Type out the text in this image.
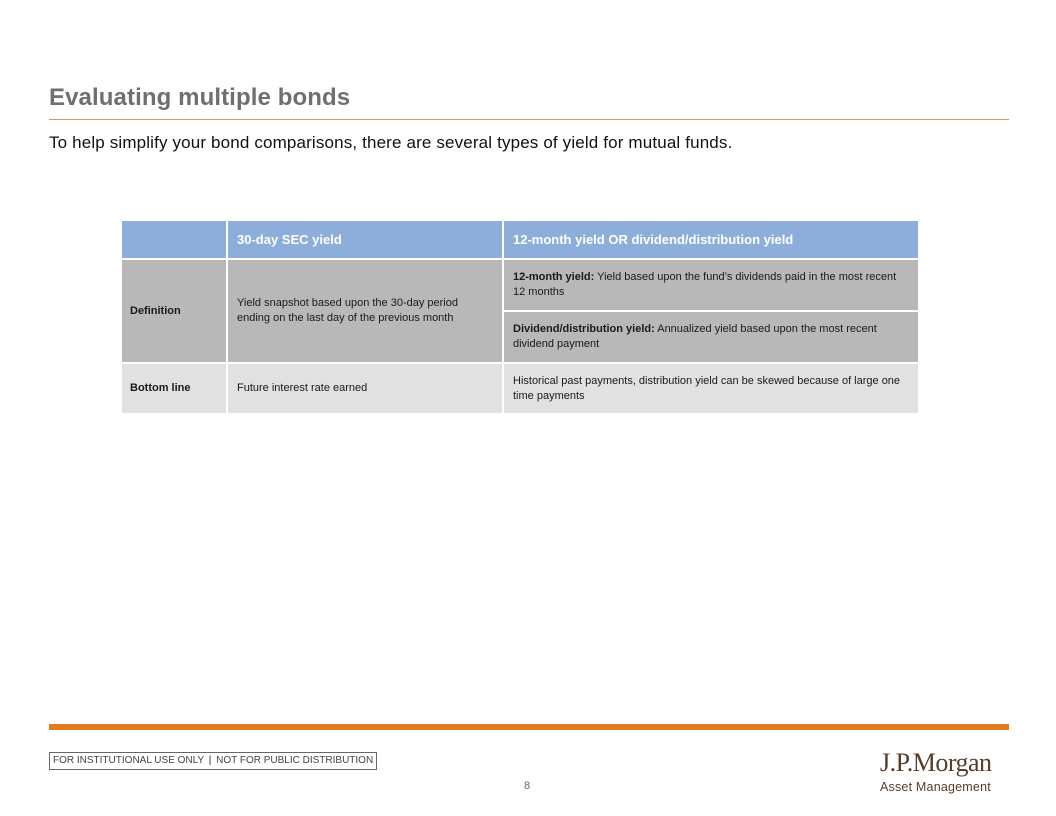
Evaluating multiple bonds
To help simplify your bond comparisons, there are several types of yield for mutual funds.
	30-day SEC yield	12-month yield OR dividend/distribution yield
Definition	Yield snapshot based upon the 30-day period ending on the last day of the previous month	12-month yield: Yield based upon the fund’s dividends paid in the most recent 12 months
		Dividend/distribution yield: Annualized yield based upon the most recent dividend payment
Bottom line	Future interest rate earned	Historical past payments, distribution yield can be skewed because of large one time payments
FOR INSTITUTIONAL USE ONLY | NOT FOR PUBLIC DISTRIBUTION
8
J.P.Morgan
Asset Management
